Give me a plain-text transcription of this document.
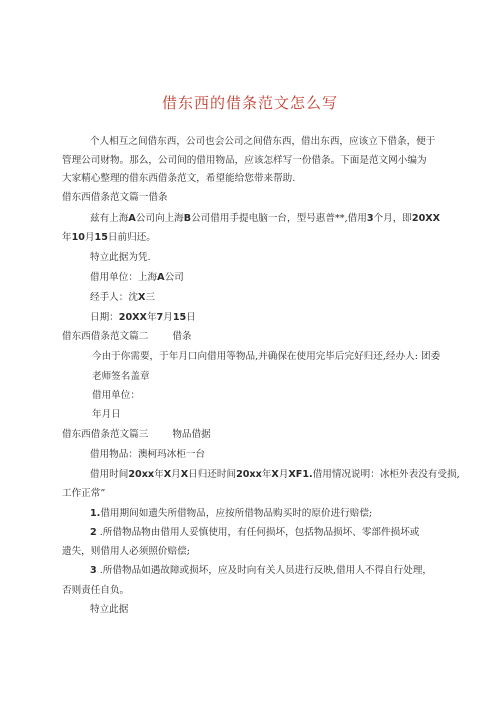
借东西的借条范文怎么写
个人相互之间借东西，公司也会公司之间借东西，借出东西，应该立下借条，便于
管理公司财物。那么，公司间的借用物品，应该怎样写一份借条。下面是范文网小编为
大家精心整理的借东西借条范文，希望能给您带来帮助.
借东西借条范文篇一借条
兹有上海A公司向上海B公司借用手提电脑一台，型号惠普**,借用3个月，即20XX
年10月15日前归还。
特立此据为凭.
借用单位：上海A公司
经手人：沈X三
日期：20XX年7月15日
借东西借条范文篇二	借条
今由于你需要，于年月口向借用等物品,并确保在使用完毕后完好归还,经办人: 团委
老师签名盖章
借用单位：
年月日
借东西借条范文篇三	物品借据
借用物品：澳柯玛冰柜一台
借用时间20xx年X月X日归还时间20xx年X月XF1.借用情况说明：冰柜外表没有受损,
工作正常”
1.借用期间如遗失所借物品，应按所借物品购买时的原价进行赔偿;
2 .所借物品物由借用人妥慎使用，有任何损坏，包括物品损坏、零部件损坏或
遗失，则借用人必须照价赔偿;
3 .所借物品如遇故障或损坏，应及时向有关人员进行反映,借用人不得自行处理，
否则责任自负。
特立此据
